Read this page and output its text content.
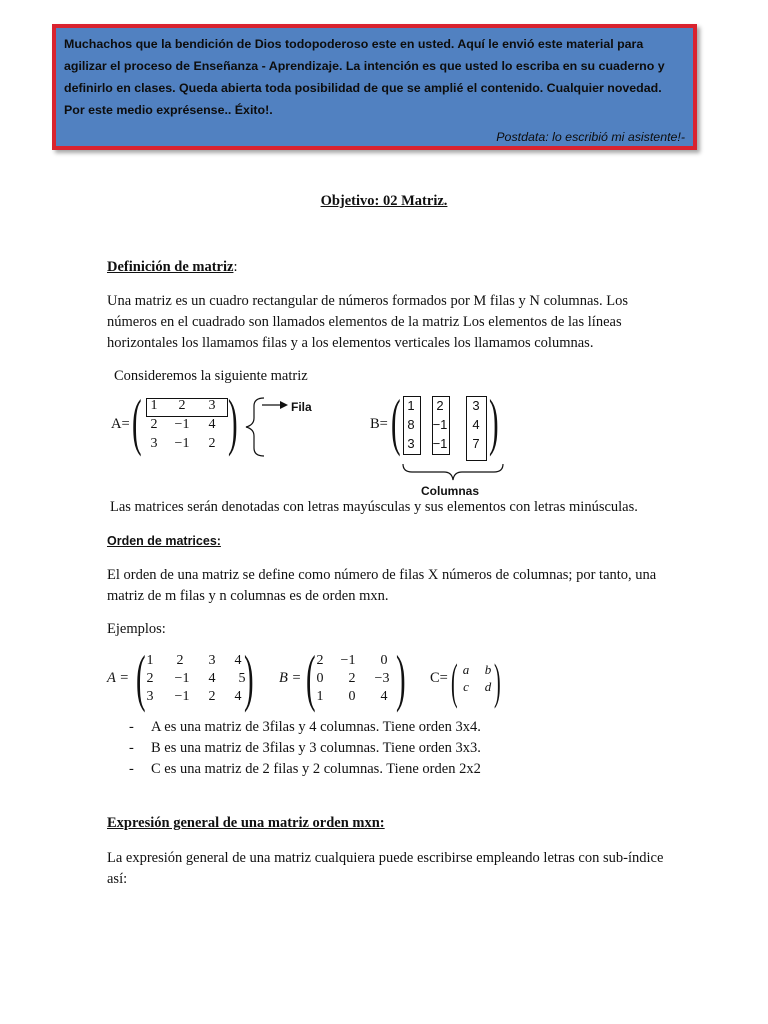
Muchachos que la bendición de Dios todopoderoso este en usted. Aquí le envió este material para agilizar el proceso de Enseñanza - Aprendizaje. La intención es que usted lo escriba en su cuaderno y definirlo en clases. Queda abierta toda posibilidad de que se amplié el contenido. Cualquier novedad. Por este medio exprésense.. Éxito!.
Postdata: lo escribió mi asistente!-
Objetivo: 02 Matriz.
Definición de matriz:
Una matriz es un cuadro rectangular de números formados por M filas y N columnas. Los números en el cuadrado son llamados elementos de la matriz Los elementos de las líneas horizontales los llamamos filas y a los elementos verticales los llamamos columnas.
Consideremos la siguiente matriz
A= ( 1	2	3
2	−1	4
3	−1	2 )	Fila
B= ( 1	2	3
8	−1	4
3	−1	7 )
Columnas
Las matrices serán denotadas con letras mayúsculas y sus elementos con letras minúsculas.
Orden de matrices:
El orden de una matriz se define como número de filas X números de columnas; por tanto, una matriz de m filas y n columnas es de orden mxn.
Ejemplos:
A = ( 1	2	3	4
2	−1	4	5
3	−1	2	4 ) B = ( 2	−1	0
0	2	−3
1	0	4 ) C= ( a	b
c	d )
- A es una matriz de 3filas y 4 columnas. Tiene orden 3x4.
- B es una matriz de 3filas y 3 columnas. Tiene orden 3x3.
- C es una matriz de 2 filas y 2 columnas. Tiene orden 2x2
Expresión general de una matriz orden mxn:
La expresión general de una matriz cualquiera puede escribirse empleando letras con sub-índice así:
